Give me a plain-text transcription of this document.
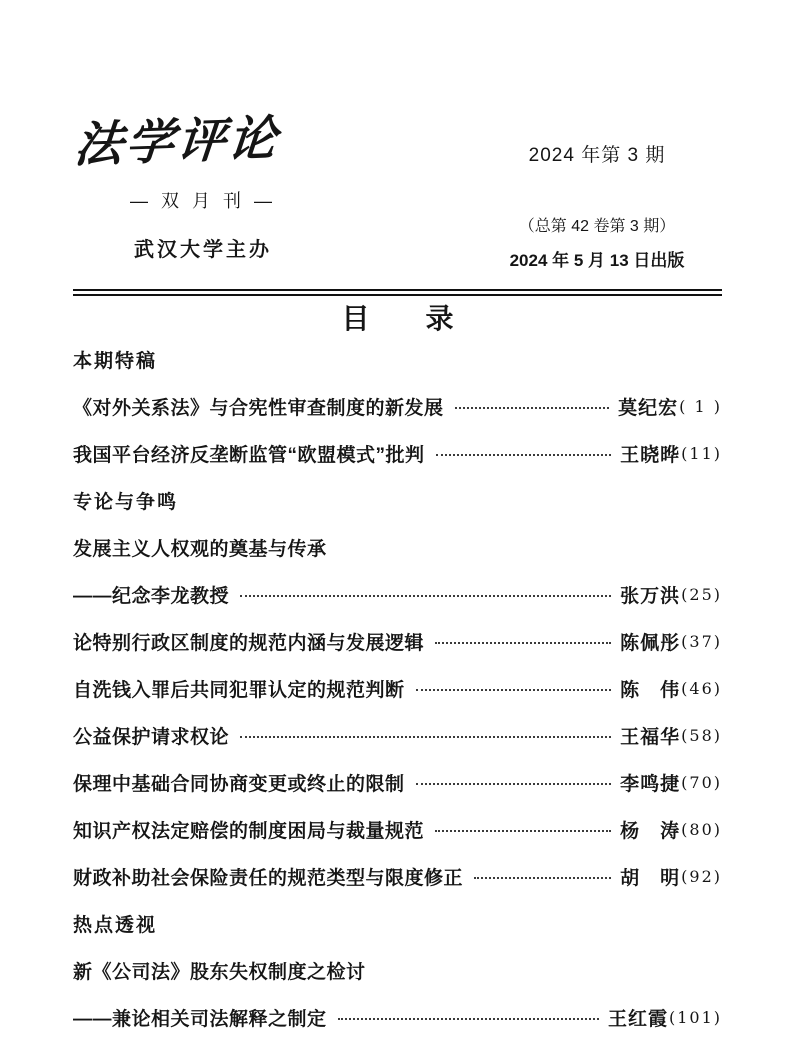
法学评论
— 双 月 刊 —
武汉大学主办
2024 年第 3 期
（总第 42 卷第 3 期）
2024 年 5 月 13 日出版
目　　录
本期特稿
《对外关系法》与合宪性审查制度的新发展	莫纪宏 ( 1 )
我国平台经济反垄断监管“欧盟模式”批判	王晓晔 (11)
专论与争鸣
发展主义人权观的奠基与传承
——纪念李龙教授	张万洪 (25)
论特别行政区制度的规范内涵与发展逻辑	陈佩彤 (37)
自洗钱入罪后共同犯罪认定的规范判断	陈　伟 (46)
公益保护请求权论	王福华 (58)
保理中基础合同协商变更或终止的限制	李鸣捷 (70)
知识产权法定赔偿的制度困局与裁量规范	杨　涛 (80)
财政补助社会保险责任的规范类型与限度修正	胡　明 (92)
热点透视
新《公司法》股东失权制度之检讨
——兼论相关司法解释之制定	王红霞 (101)
